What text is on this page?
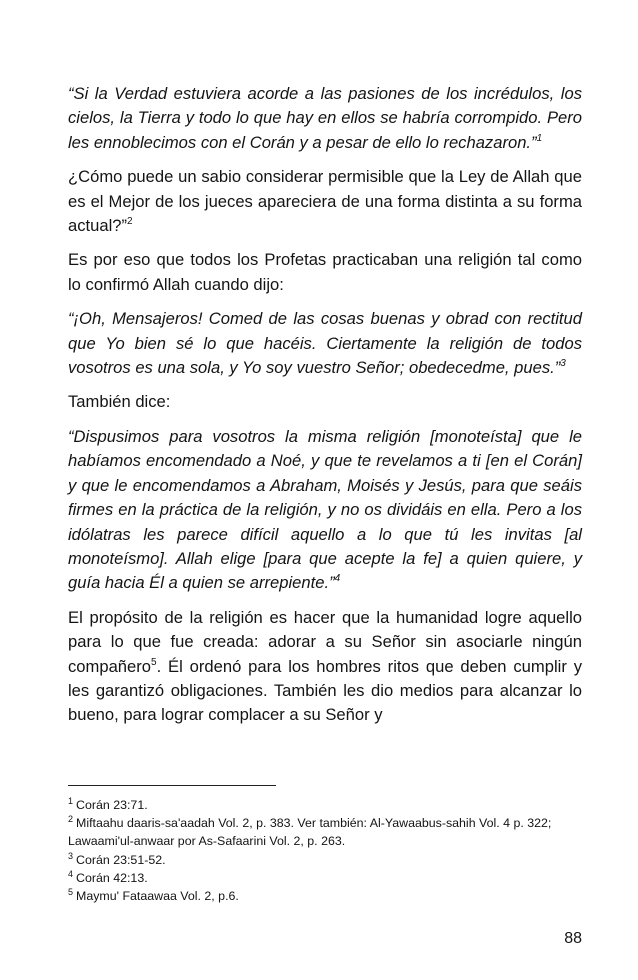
“Si la Verdad estuviera acorde a las pasiones de los incrédulos, los cielos, la Tierra y todo lo que hay en ellos se habría corrompido. Pero les ennoblecimos con el Corán y a pesar de ello lo rechazaron.”$^1$

¿Cómo puede un sabio considerar permisible que la Ley de Allah que es el Mejor de los jueces apareciera de una forma distinta a su forma actual?”$^2$

Es por eso que todos los Profetas practicaban una religión tal como lo confirmó Allah cuando dijo:

“¡Oh, Mensajeros! Comed de las cosas buenas y obrad con rectitud que Yo bien sé lo que hacéis. Ciertamente la religión de todos vosotros es una sola, y Yo soy vuestro Señor; obedecedme, pues.”$^3$

También dice:

“Dispusimos para vosotros la misma religión [monoteísta] que le habíamos encomendado a Noé, y que te revelamos a ti [en el Corán] y que le encomendamos a Abraham, Moisés y Jesús, para que seáis firmes en la práctica de la religión, y no os dividáis en ella. Pero a los idólatras les parece difícil aquello a lo que tú les invitas [al monoteísmo]. Allah elige [para que acepte la fe] a quien quiere, y guía hacia Él a quien se arrepiente.”$^4$

El propósito de la religión es hacer que la humanidad logre aquello para lo que fue creada: adorar a su Señor sin asociarle ningún compañero$^5$. Él ordenó para los hombres ritos que deben cumplir y les garantizó obligaciones. También les dio medios para alcanzar lo bueno, para lograr complacer a su Señor y

$^1$ Corán 23:71.

$^2$ Miftaahu daaris-sa'aadah Vol. 2, p. 383. Ver también: Al-Yawaabus-sahih Vol. 4 p. 322; Lawaami'ul-anwaar por As-Safaarini Vol. 2, p. 263.

$^3$ Corán 23:51-52.

$^4$ Corán 42:13.

$^5$ Maymu' Fataawaa Vol. 2, p.6.

88
